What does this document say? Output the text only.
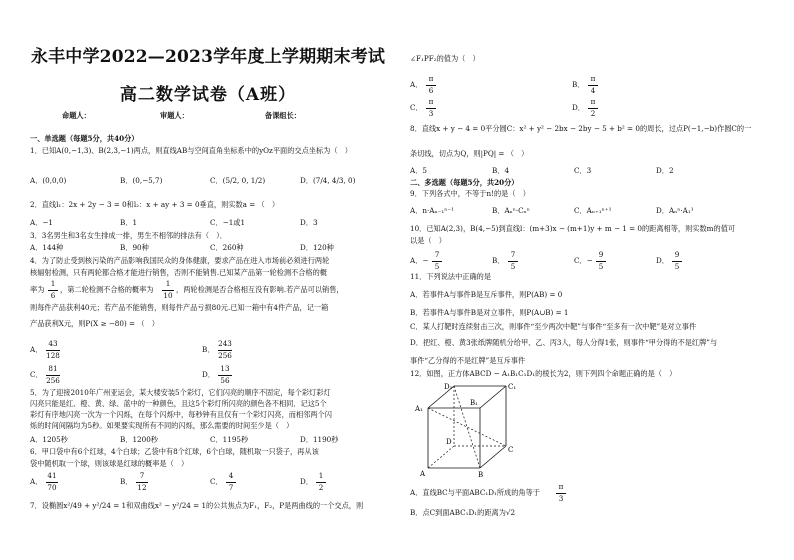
永丰中学2022—2023学年度上学期期末考试
高二数学试卷（A班）
命题人：	审题人：	备课组长：
一、单选题（每题5分，共40分）
1．已知A(0,−1,3)、B(2,3,−1)两点，则直线AB与空间直角坐标系中的yOz平面的交点坐标为（　）
A．(0,0,0)	B．(0,−5,7)	C．(5/2, 0, 1/2)	D．(7/4, 4/3, 0)
2．直线l₁：2x + 2y − 3 = 0和l₂：x + ay + 3 = 0垂直，则实数a = （　）
A．−1	B．1	C．−1或1	D．3
3．3名男生和3名女生排成一排，男生不相邻的排法有（　）．
A．144种	B．90种	C．260种	D．120种
4．为了防止受到核污染的产品影响我国民众的身体健康，要求产品在进入市场前必须进行两轮
核辐射检测，只有两轮都合格才能进行销售，否则不能销售.已知某产品第一轮检测不合格的概
率为
1
6
，第二轮检测不合格的概率为
1
10
，两轮检测是否合格相互没有影响.若产品可以销售，
则每件产品获利40元；若产品不能销售，则每件产品亏损80元.已知一箱中有4件产品，记一箱
产品获利X元，则P(X ≥ −80) = （　）
A．
43
128
B．
243
256
C．
81
256
D．
13
56
5．为了迎接2010年广州亚运会，某大楼安装5个彩灯，它们闪亮的顺序不固定，每个彩灯彩灯
闪亮只能是红、橙、黄、绿、蓝中的一种颜色，且这5个彩灯所闪亮的颜色各不相同．记这5个
彩灯有序地闪亮一次为一个闪烁，在每个闪烁中，每秒钟有且仅有一个彩灯闪亮，而相邻两个闪
烁的时间间隔均为5秒。如果要实现所有不同的闪烁，那么需要的时间至少是（　）
A．1205秒	B．1200秒	C．1195秒	D．1190秒
6．甲口袋中有6个红球，4个白球；乙袋中有8个红球，6个白球，随机取一只袋子，再从该
袋中随机取一个球，则该球是红球的概率是（　）
A．
41
70
B．
7
12
C．
4
7
D．
1
2
7．设椭圆x²/49 + y²/24 = 1和双曲线x² − y²/24 = 1的公共焦点为F₁，F₂，P是两曲线的一个交点，则
∠F₁PF₂的值为（　）
A．
π
6
B．
π
4
C．
π
3
D．
π
2
8．直线x + y − 4 = 0平分圆C：x² + y² − 2bx − 2by − 5 + b² = 0的周长，过点P(−1,−b)作圆C的一
条切线，切点为Q，则|PQ| = （　）
A．5	B．4	C．3	D．2
二、多选题（每题5分，共20分）
9．下列各式中，不等于n!的是（　）
A．n·Aₙ₋₁ⁿ⁻¹	B．Aₙⁿ·Cₙⁿ	C．Aₙ₊₁ⁿ⁺¹	D．Aₙⁿ·A₁¹
10．已知A(2,3)，B(4,−5)到直线l：(m+3)x − (m+1)y + m − 1 = 0的距离相等，则实数m的值可
以是（　）
A．−
7
5
B．
7
5
C．−
9
5
D．
9
5
11．下列说法中正确的是
A．若事件A与事件B是互斥事件，则P(AB) = 0
B．若事件A与事件B是对立事件，则P(A∪B) = 1
C．某人打靶时连续射击三次，则事件“至少两次中靶”与事件“至多有一次中靶”是对立事件
D．把红、橙、黄3张纸牌随机分给甲、乙、丙3人，每人分得1张，则事件“甲分得的不是红牌”与
事件“乙分得的不是红牌”是互斥事件
12．如图，正方体ABCD − A₁B₁C₁D₁的棱长为2，则下列四个命题正确的是（　）
A₁
B₁
C₁
D₁
A	B
C
D
A．直线BC与平面ABC₁D₁所成的角等于
π
3
B．点C到面ABC₁D₁的距离为√2
